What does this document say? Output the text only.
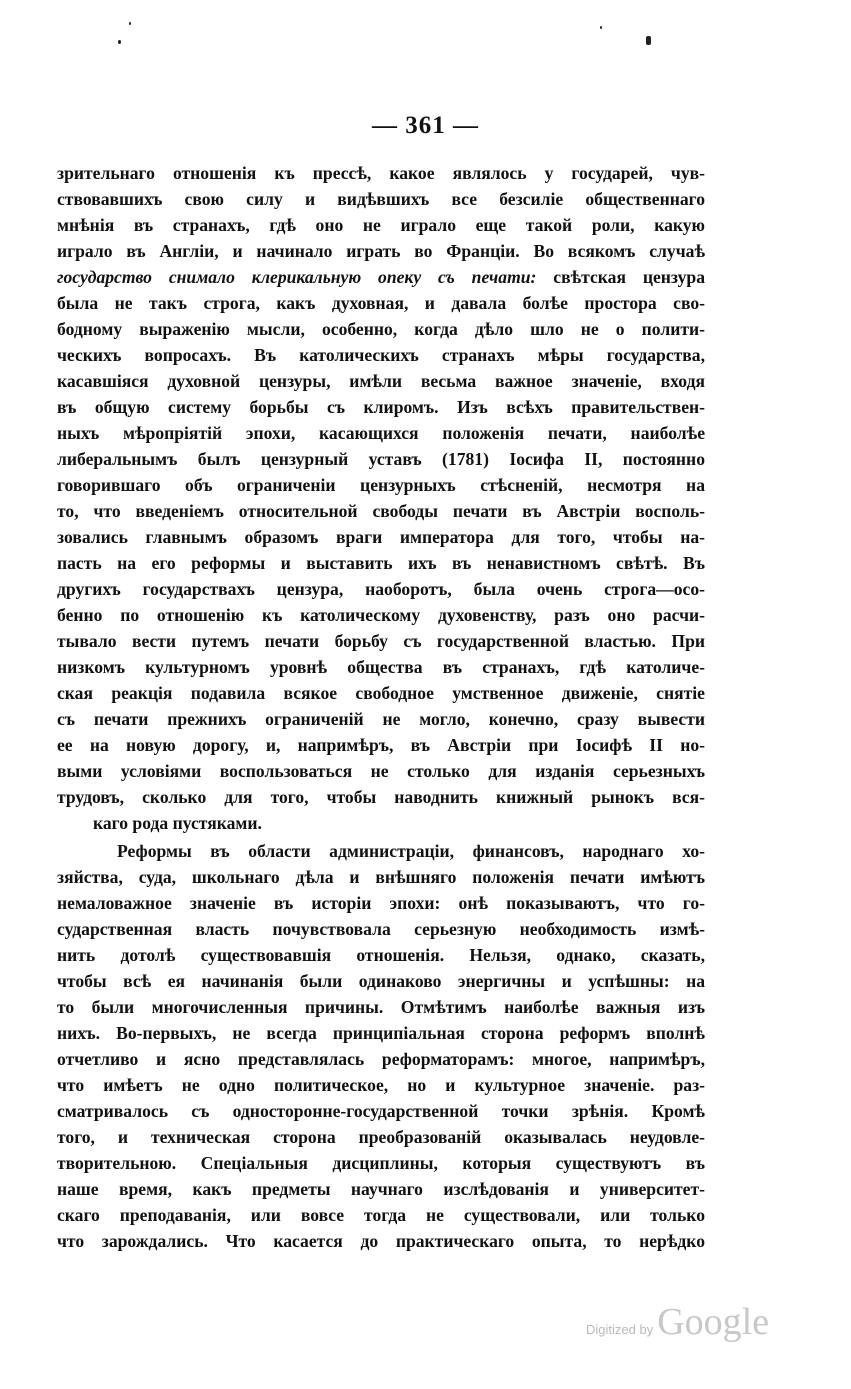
— 361 —
зрительнаго отношенія къ прессѣ, какое являлось у государей, чув-
ствовавшихъ свою силу и видѣвшихъ все безсиліе общественнаго
мнѣнія въ странахъ, гдѣ оно не играло еще такой роли, какую
играло въ Англіи, и начинало играть во Франціи. Во всякомъ случаѣ
государство снимало клерикальную опеку съ печати: свѣтская цензура
была не такъ строга, какъ духовная, и давала болѣе простора сво-
бодному выраженію мысли, особенно, когда дѣло шло не о полити-
ческихъ вопросахъ. Въ католическихъ странахъ мѣры государства,
касавшіяся духовной цензуры, имѣли весьма важное значеніе, входя
въ общую систему борьбы съ клиромъ. Изъ всѣхъ правительствен-
ныхъ мѣропріятій эпохи, касающихся положенія печати, наиболѣе
либеральнымъ былъ цензурный уставъ (1781) Іосифа II, постоянно
говорившаго объ ограниченіи цензурныхъ стѣсненій, несмотря на
то, что введеніемъ относительной свободы печати въ Австріи восполь-
зовались главнымъ образомъ враги императора для того, чтобы на-
пасть на его реформы и выставить ихъ въ ненавистномъ свѣтѣ. Въ
другихъ государствахъ цензура, наоборотъ, была очень строга—осо-
бенно по отношенію къ католическому духовенству, разъ оно расчи-
тывало вести путемъ печати борьбу съ государственной властью. При
низкомъ культурномъ уровнѣ общества въ странахъ, гдѣ католиче-
ская реакція подавила всякое свободное умственное движеніе, снятіе
съ печати прежнихъ ограниченій не могло, конечно, сразу вывести
ее на новую дорогу, и, напримѣръ, въ Австріи при Іосифѣ II но-
выми условіями воспользоваться не столько для изданія серьезныхъ
трудовъ, сколько для того, чтобы наводнить книжный рынокъ вся-
каго рода пустяками.
Реформы въ области администраціи, финансовъ, народнаго хо-
зяйства, суда, школьнаго дѣла и внѣшняго положенія печати имѣютъ
немаловажное значеніе въ исторіи эпохи: онѣ показываютъ, что го-
сударственная власть почувствовала серьезную необходимость измѣ-
нить дотолѣ существовавшія отношенія. Нельзя, однако, сказать,
чтобы всѣ ея начинанія были одинаково энергичны и успѣшны: на
то были многочисленныя причины. Отмѣтимъ наиболѣе важныя изъ
нихъ. Во-первыхъ, не всегда принципіальная сторона реформъ вполнѣ
отчетливо и ясно представлялась реформаторамъ: многое, напримѣръ,
что имѣетъ не одно политическое, но и культурное значеніе. раз-
сматривалось съ односторонне-государственной точки зрѣнія. Кромѣ
того, и техническая сторона преобразованій оказывалась неудовле-
творительною. Спеціальныя дисциплины, которыя существуютъ въ
наше время, какъ предметы научнаго изслѣдованія и университет-
скаго преподаванія, или вовсе тогда не существовали, или только
что зарождались. Что касается до практическаго опыта, то нерѣдко
Digitized by Google
